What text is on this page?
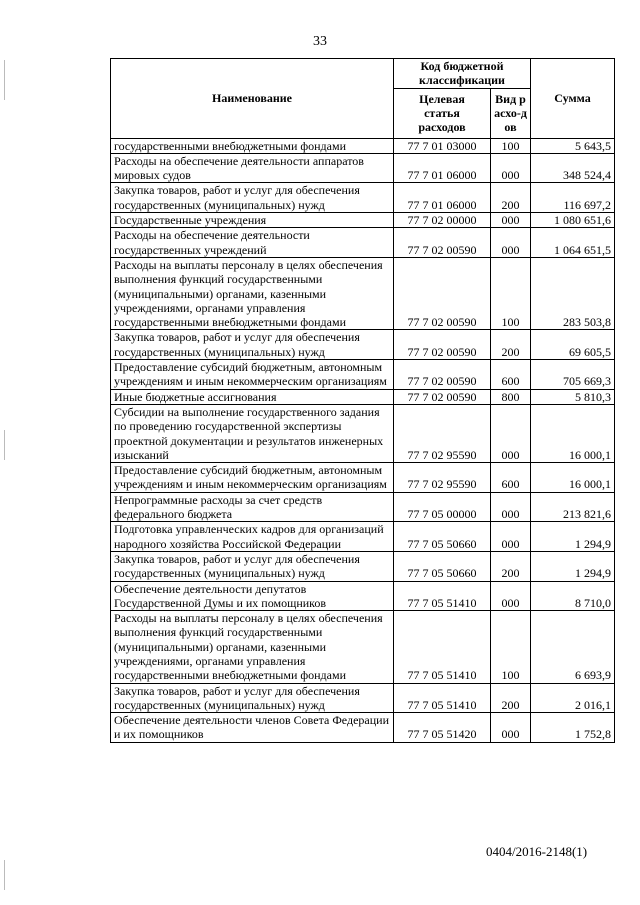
33
Наименование	Код бюджетной классификации		Сумма
	Целевая статья расходов	Вид расхо-дов	
государственными внебюджетными фондами	77 7 01 03000	100	5 643,5
Расходы на обеспечение деятельности аппаратов мировых судов	77 7 01 06000	000	348 524,4
Закупка товаров, работ и услуг для обеспечения государственных (муниципальных) нужд	77 7 01 06000	200	116 697,2
Государственные учреждения	77 7 02 00000	000	1 080 651,6
Расходы на обеспечение деятельности государственных учреждений	77 7 02 00590	000	1 064 651,5
Расходы на выплаты персоналу в целях обеспечения выполнения функций государственными (муниципальными) органами, казенными учреждениями, органами управления государственными внебюджетными фондами	77 7 02 00590	100	283 503,8
Закупка товаров, работ и услуг для обеспечения государственных (муниципальных) нужд	77 7 02 00590	200	69 605,5
Предоставление субсидий бюджетным, автономным учреждениям и иным некоммерческим организациям	77 7 02 00590	600	705 669,3
Иные бюджетные ассигнования	77 7 02 00590	800	5 810,3
Субсидии на выполнение государственного задания по проведению государственной экспертизы проектной документации и результатов инженерных изысканий	77 7 02 95590	000	16 000,1
Предоставление субсидий бюджетным, автономным учреждениям и иным некоммерческим организациям	77 7 02 95590	600	16 000,1
Непрограммные расходы за счет средств федерального бюджета	77 7 05 00000	000	213 821,6
Подготовка управленческих кадров для организаций народного хозяйства Российской Федерации	77 7 05 50660	000	1 294,9
Закупка товаров, работ и услуг для обеспечения государственных (муниципальных) нужд	77 7 05 50660	200	1 294,9
Обеспечение деятельности депутатов Государственной Думы и их помощников	77 7 05 51410	000	8 710,0
Расходы на выплаты персоналу в целях обеспечения выполнения функций государственными (муниципальными) органами, казенными учреждениями, органами управления государственными внебюджетными фондами	77 7 05 51410	100	6 693,9
Закупка товаров, работ и услуг для обеспечения государственных (муниципальных) нужд	77 7 05 51410	200	2 016,1
Обеспечение деятельности членов Совета Федерации и их помощников	77 7 05 51420	000	1 752,8
0404/2016-2148(1)
